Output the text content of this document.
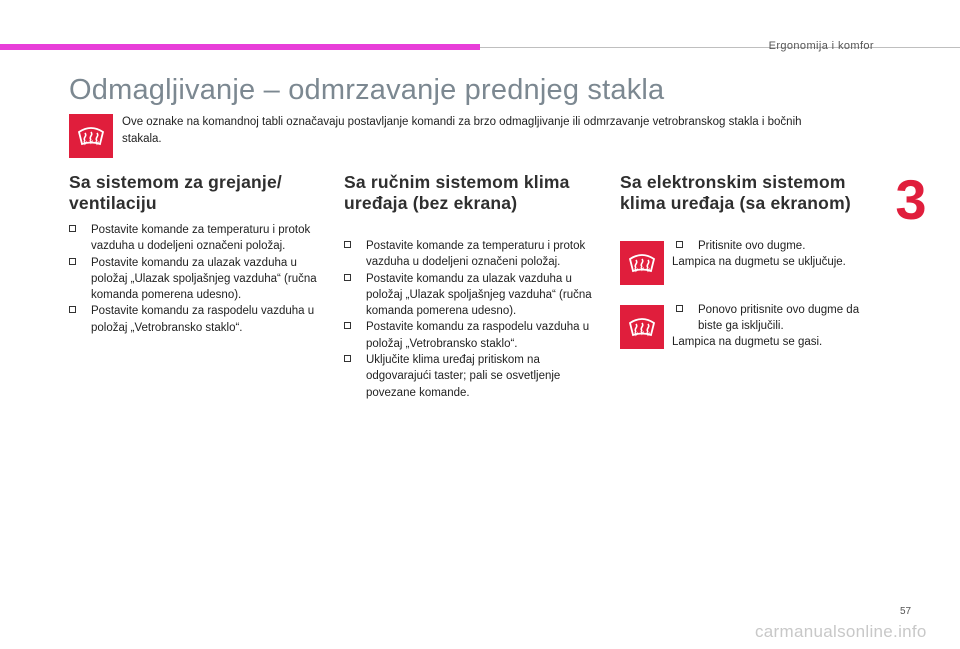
Ergonomija i komfor
3
Odmagljivanje – odmrzavanje prednjeg stakla
Ove oznake na komandnoj tabli označavaju postavljanje komandi za brzo odmagljivanje ili odmrzavanje vetrobranskog stakla i bočnih stakala.
Sa sistemom za grejanje/ ventilaciju
Postavite komande za temperaturu i protok vazduha u dodeljeni označeni položaj.
Postavite komandu za ulazak vazduha u položaj „Ulazak spoljašnjeg vazduha“ (ručna komanda pomerena udesno).
Postavite komandu za raspodelu vazduha u položaj „Vetrobransko staklo“.
Sa ručnim sistemom klima uređaja (bez ekrana)
Postavite komande za temperaturu i protok vazduha u dodeljeni označeni položaj.
Postavite komandu za ulazak vazduha u položaj „Ulazak spoljašnjeg vazduha“ (ručna komanda pomerena udesno).
Postavite komandu za raspodelu vazduha u položaj „Vetrobransko staklo“.
Uključite klima uređaj pritiskom na odgovarajući taster; pali se osvetljenje povezane komande.
Sa elektronskim sistemom klima uređaja (sa ekranom)
Pritisnite ovo dugme.
Lampica na dugmetu se uključuje.
Ponovo pritisnite ovo dugme da biste ga isključili.
Lampica na dugmetu se gasi.
57
carmanualsonline.info
